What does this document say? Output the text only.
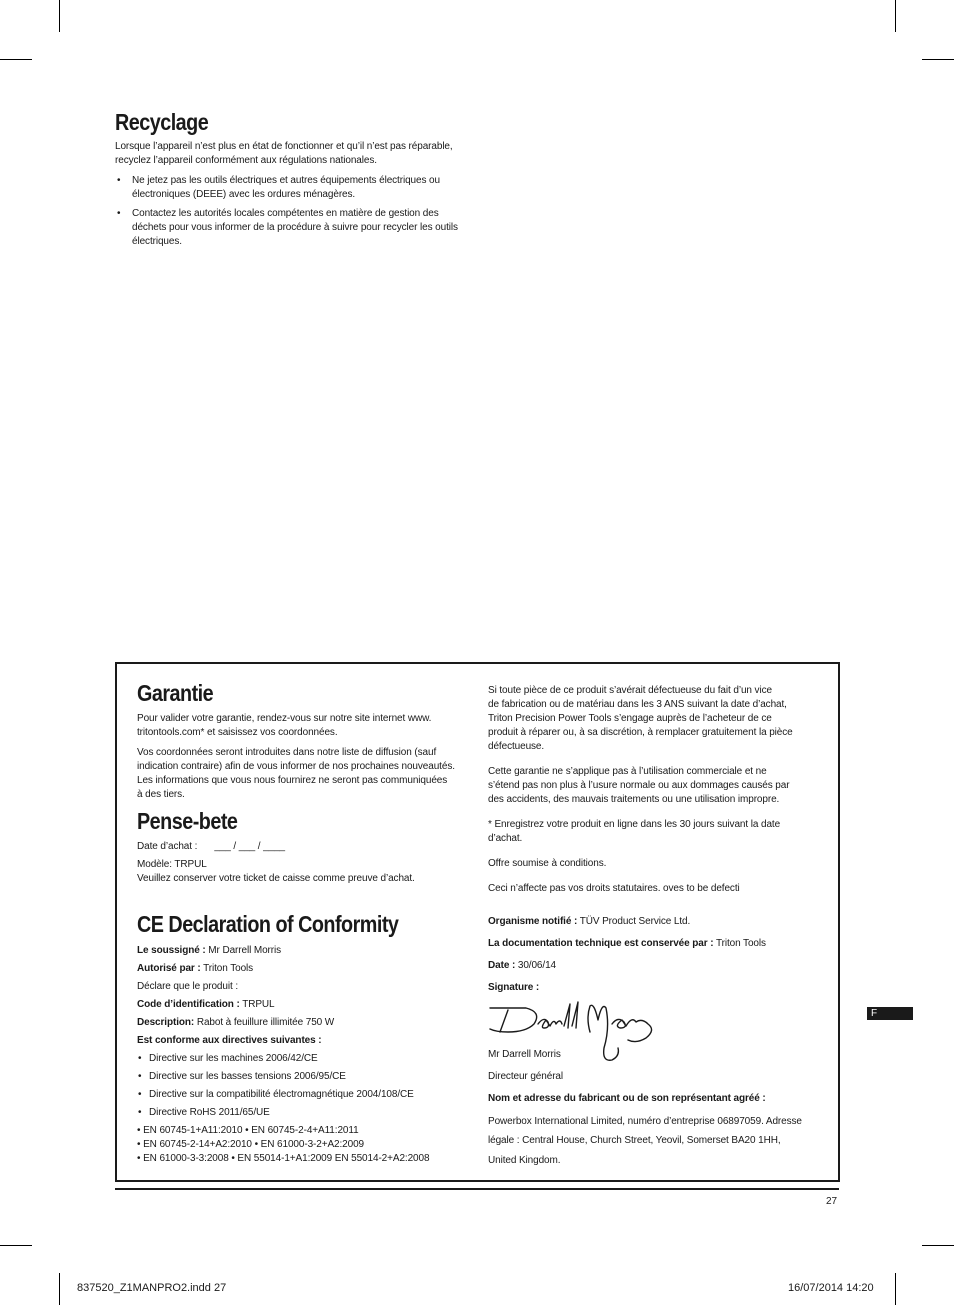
Recyclage

Lorsque l’appareil n’est plus en état de fonctionner et qu’il n’est pas réparable,

recyclez l’appareil conformément aux régulations nationales.

• Ne jetez pas les outils électriques et autres équipements électriques ou

électroniques (DEEE) avec les ordures ménagères.

• Contactez les autorités locales compétentes en matière de gestion des

déchets pour vous informer de la procédure à suivre pour recycler les outils

électriques.

Garantie

Pour valider votre garantie, rendez-vous sur notre site internet www.

tritontools.com* et saisissez vos coordonnées.

Vos coordonnées seront introduites dans notre liste de diffusion (sauf

indication contraire) afin de vous informer de nos prochaines nouveautés.

Les informations que vous nous fournirez ne seront pas communiquées

à des tiers.

Pense-bete

Date d’achat : ___ / ___ / ____

Modèle: TRPUL

Veuillez conserver votre ticket de caisse comme preuve d’achat.

CE Declaration of Conformity

Le soussigné : Mr Darrell Morris

Autorisé par : Triton Tools

Déclare que le produit :

Code d’identification : TRPUL

Description: Rabot à feuillure illimitée 750 W

Est conforme aux directives suivantes :

• Directive sur les machines 2006/42/CE

• Directive sur les basses tensions 2006/95/CE

• Directive sur la compatibilité électromagnétique 2004/108/CE

• Directive RoHS 2011/65/UE

• EN 60745-1+A11:2010 • EN 60745-2-4+A11:2011

• EN 60745-2-14+A2:2010 • EN 61000-3-2+A2:2009

• EN 61000-3-3:2008 • EN 55014-1+A1:2009 EN 55014-2+A2:2008

Si toute pièce de ce produit s’avérait défectueuse du fait d’un vice

de fabrication ou de matériau dans les 3 ANS suivant la date d’achat,

Triton Precision Power Tools s’engage auprès de l’acheteur de ce

produit à réparer ou, à sa discrétion, à remplacer gratuitement la pièce

défectueuse.

Cette garantie ne s’applique pas à l’utilisation commerciale et ne

s’étend pas non plus à l’usure normale ou aux dommages causés par

des accidents, des mauvais traitements ou une utilisation impropre.

* Enregistrez votre produit en ligne dans les 30 jours suivant la date

d’achat.

Offre soumise à conditions.

Ceci n’affecte pas vos droits statutaires. oves to be defecti

Organisme notifié : TÜV Product Service Ltd.

La documentation technique est conservée par : Triton Tools

Date : 30/06/14

Signature :

Mr Darrell Morris

Directeur général

Nom et adresse du fabricant ou de son représentant agréé :

Powerbox International Limited, numéro d’entreprise 06897059. Adresse

légale : Central House, Church Street, Yeovil, Somerset BA20 1HH,

United Kingdom.

F
27
837520_Z1MANPRO2.indd 27	16/07/2014 14:20
